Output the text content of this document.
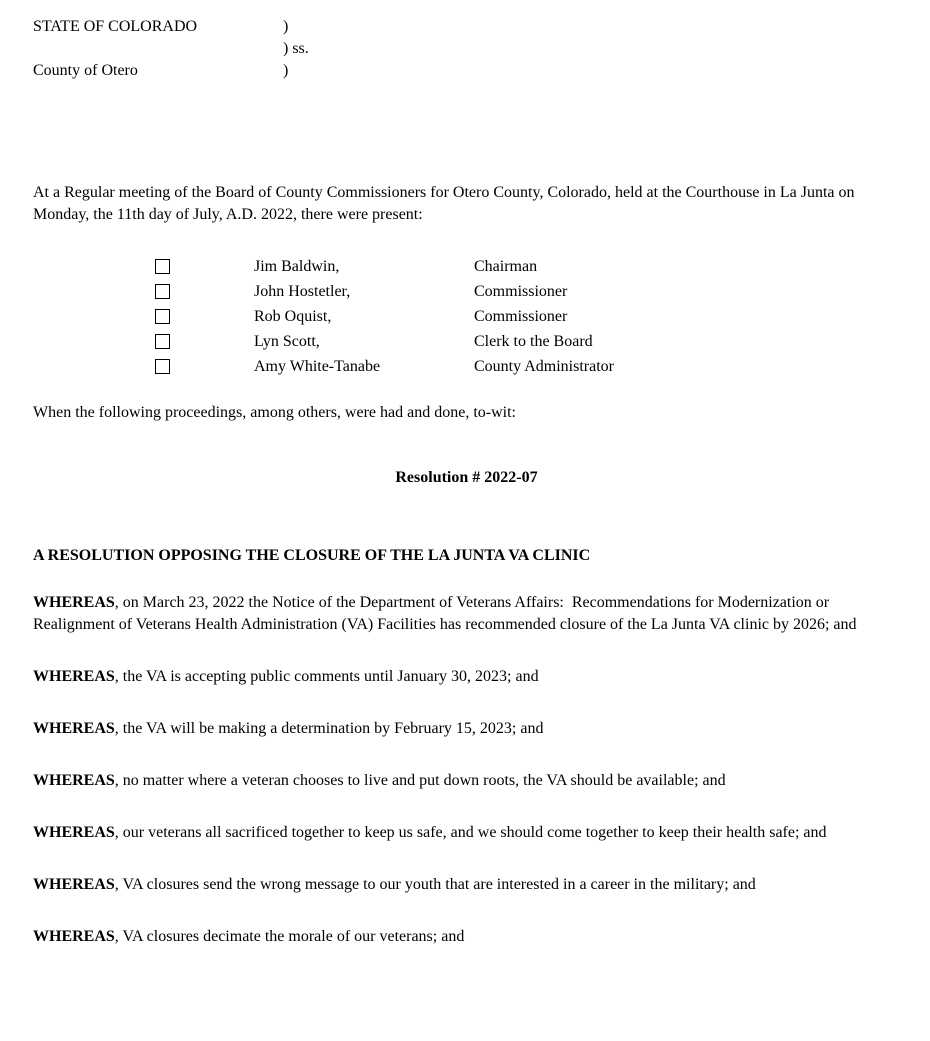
STATE OF COLORADO	)
) ss.
County of Otero	)

At a Regular meeting of the Board of County Commissioners for Otero County, Colorado, held at the Courthouse in La Junta on Monday, the 11th day of July, A.D. 2022, there were present:

Jim Baldwin,	Chairman
John Hostetler,	Commissioner
Rob Oquist,	Commissioner
Lyn Scott,	Clerk to the Board
Amy White-Tanabe	County Administrator

When the following proceedings, among others, were had and done, to-wit:

Resolution # 2022-07

A RESOLUTION OPPOSING THE CLOSURE OF THE LA JUNTA VA CLINIC

WHEREAS, on March 23, 2022 the Notice of the Department of Veterans Affairs:  Recommendations for Modernization or Realignment of Veterans Health Administration (VA) Facilities has recommended closure of the La Junta VA clinic by 2026; and

WHEREAS, the VA is accepting public comments until January 30, 2023; and

WHEREAS, the VA will be making a determination by February 15, 2023; and

WHEREAS, no matter where a veteran chooses to live and put down roots, the VA should be available; and

WHEREAS, our veterans all sacrificed together to keep us safe, and we should come together to keep their health safe; and

WHEREAS, VA closures send the wrong message to our youth that are interested in a career in the military; and

WHEREAS, VA closures decimate the morale of our veterans; and
